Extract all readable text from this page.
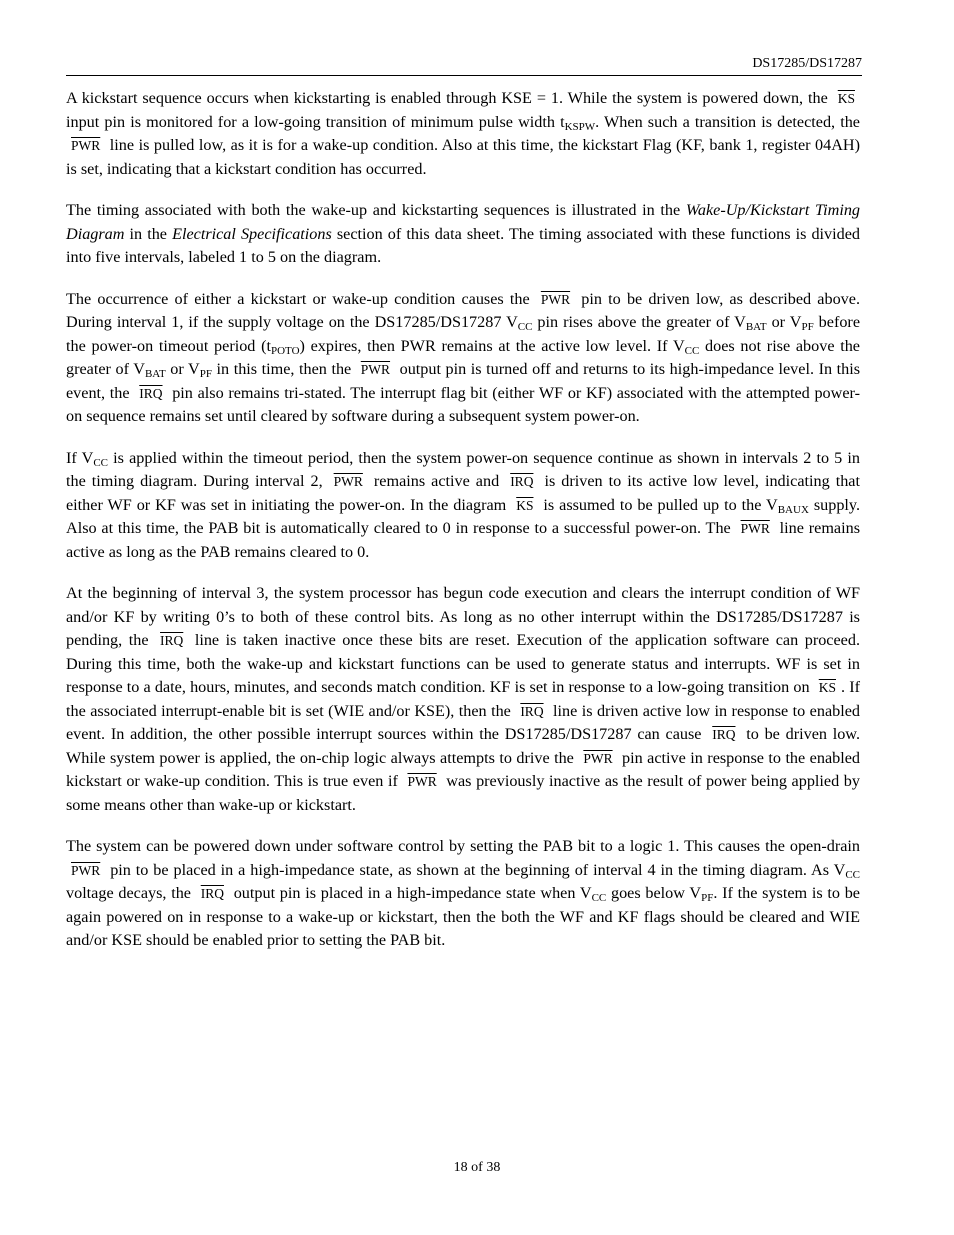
DS17285/DS17287

A kickstart sequence occurs when kickstarting is enabled through KSE = 1. While the system is powered down, the $\overline{KS}$ input pin is monitored for a low-going transition of minimum pulse width $t_{KSPW}$. When such a transition is detected, the $\overline{PWR}$ line is pulled low, as it is for a wake-up condition. Also at this time, the kickstart Flag (KF, bank 1, register 04AH) is set, indicating that a kickstart condition has occurred.

The timing associated with both the wake-up and kickstarting sequences is illustrated in the Wake-Up/Kickstart Timing Diagram in the Electrical Specifications section of this data sheet. The timing associated with these functions is divided into five intervals, labeled 1 to 5 on the diagram.

The occurrence of either a kickstart or wake-up condition causes the $\overline{PWR}$ pin to be driven low, as described above. During interval 1, if the supply voltage on the DS17285/DS17287 $V_{CC}$ pin rises above the greater of $V_{BAT}$ or $V_{PF}$ before the power-on timeout period $(t_{POTO})$ expires, then PWR remains at the active low level. If $V_{CC}$ does not rise above the greater of $V_{BAT}$ or $V_{PF}$ in this time, then the $\overline{PWR}$ output pin is turned off and returns to its high-impedance level. In this event, the $\overline{IRQ}$ pin also remains tri-stated. The interrupt flag bit (either WF or KF) associated with the attempted power-on sequence remains set until cleared by software during a subsequent system power-on.

If $V_{CC}$ is applied within the timeout period, then the system power-on sequence continue as shown in intervals 2 to 5 in the timing diagram. During interval 2, $\overline{PWR}$ remains active and $\overline{IRQ}$ is driven to its active low level, indicating that either WF or KF was set in initiating the power-on. In the diagram $\overline{KS}$ is assumed to be pulled up to the $V_{BAUX}$ supply. Also at this time, the PAB bit is automatically cleared to 0 in response to a successful power-on. The $\overline{PWR}$ line remains active as long as the PAB remains cleared to 0.

At the beginning of interval 3, the system processor has begun code execution and clears the interrupt condition of WF and/or KF by writing 0’s to both of these control bits. As long as no other interrupt within the DS17285/DS17287 is pending, the $\overline{IRQ}$ line is taken inactive once these bits are reset. Execution of the application software can proceed. During this time, both the wake-up and kickstart functions can be used to generate status and interrupts. WF is set in response to a date, hours, minutes, and seconds match condition. KF is set in response to a low-going transition on $\overline{KS}$ . If the associated interrupt-enable bit is set (WIE and/or KSE), then the $\overline{IRQ}$ line is driven active low in response to enabled event. In addition, the other possible interrupt sources within the DS17285/DS17287 can cause $\overline{IRQ}$ to be driven low. While system power is applied, the on-chip logic always attempts to drive the $\overline{PWR}$ pin active in response to the enabled kickstart or wake-up condition. This is true even if $\overline{PWR}$ was previously inactive as the result of power being applied by some means other than wake-up or kickstart.

The system can be powered down under software control by setting the PAB bit to a logic 1. This causes the open-drain $\overline{PWR}$ pin to be placed in a high-impedance state, as shown at the beginning of interval 4 in the timing diagram. As $V_{CC}$ voltage decays, the $\overline{IRQ}$ output pin is placed in a high-impedance state when $V_{CC}$ goes below $V_{PF}$. If the system is to be again powered on in response to a wake-up or kickstart, then the both the WF and KF flags should be cleared and WIE and/or KSE should be enabled prior to setting the PAB bit.

18 of 38
